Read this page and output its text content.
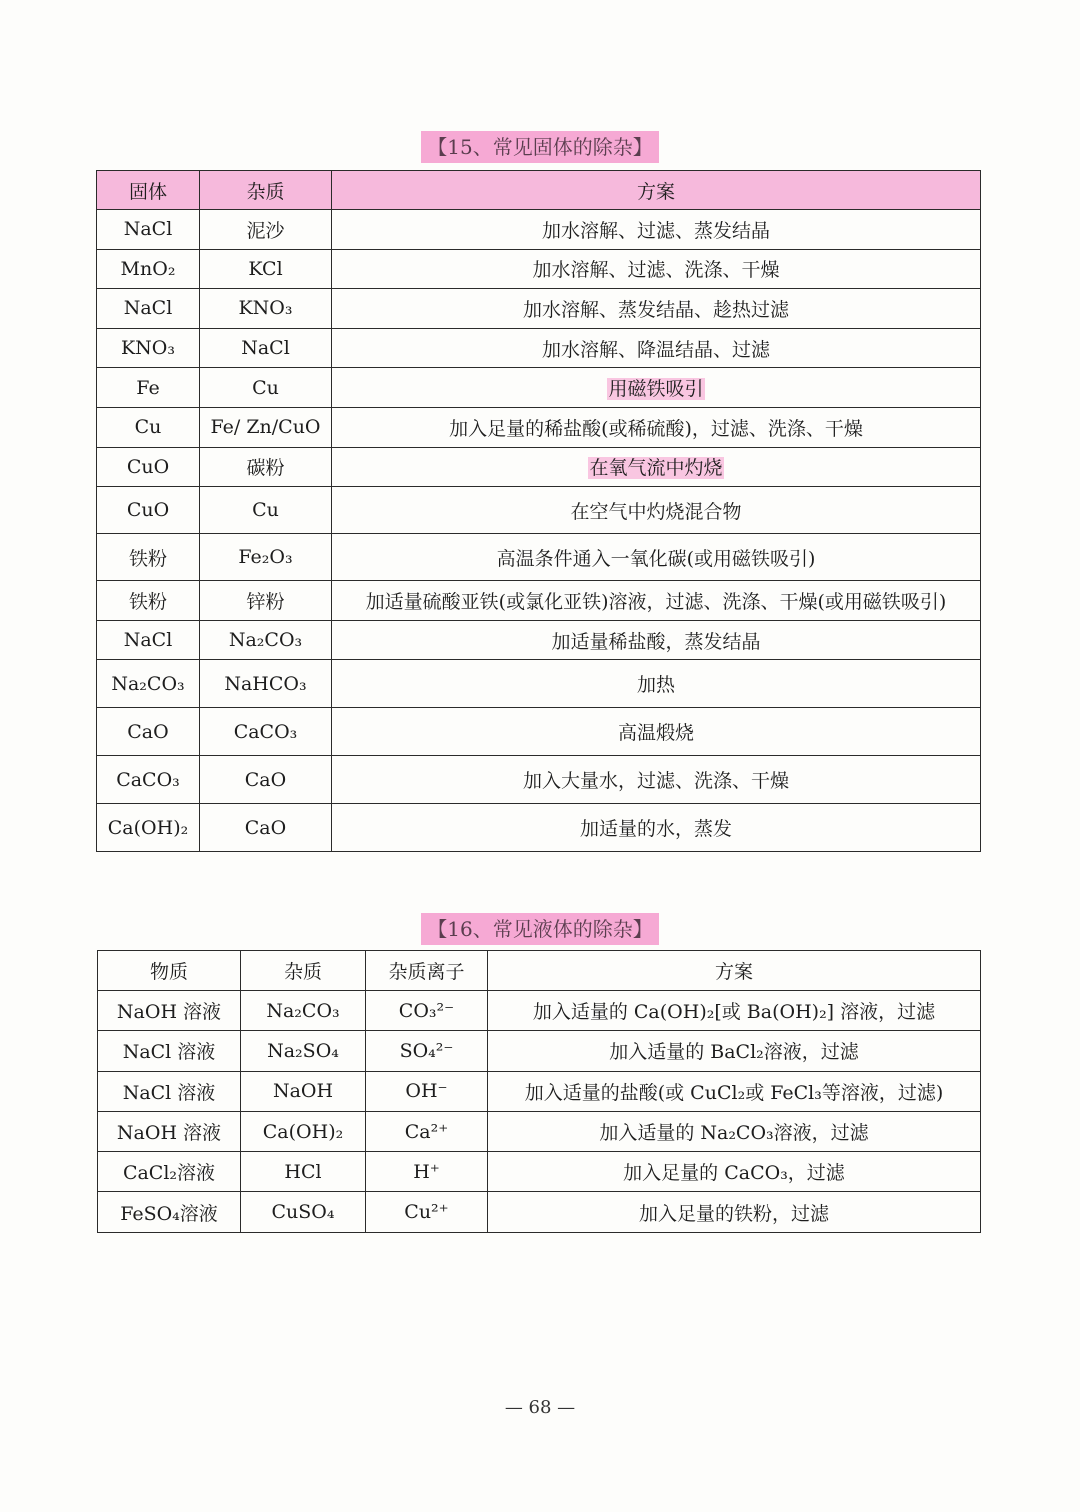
【15、常见固体的除杂】
固体	杂质	方案
NaCl	泥沙	加水溶解、过滤、蒸发结晶
MnO₂	KCl	加水溶解、过滤、洗涤、干燥
NaCl	KNO₃	加水溶解、蒸发结晶、趁热过滤
KNO₃	NaCl	加水溶解、降温结晶、过滤
Fe	Cu	用磁铁吸引
Cu	Fe/ Zn/CuO	加入足量的稀盐酸(或稀硫酸)，过滤、洗涤、干燥
CuO	碳粉	在氧气流中灼烧
CuO	Cu	在空气中灼烧混合物
铁粉	Fe₂O₃	高温条件通入一氧化碳(或用磁铁吸引)
铁粉	锌粉	加适量硫酸亚铁(或氯化亚铁)溶液，过滤、洗涤、干燥(或用磁铁吸引)
NaCl	Na₂CO₃	加适量稀盐酸，蒸发结晶
Na₂CO₃	NaHCO₃	加热
CaO	CaCO₃	高温煅烧
CaCO₃	CaO	加入大量水，过滤、洗涤、干燥
Ca(OH)₂	CaO	加适量的水，蒸发
【16、常见液体的除杂】
物质	杂质	杂质离子	方案
NaOH 溶液	Na₂CO₃	CO₃²⁻	加入适量的 Ca(OH)₂[或 Ba(OH)₂] 溶液，过滤
NaCl 溶液	Na₂SO₄	SO₄²⁻	加入适量的 BaCl₂溶液，过滤
NaCl 溶液	NaOH	OH⁻	加入适量的盐酸(或 CuCl₂或 FeCl₃等溶液，过滤)
NaOH 溶液	Ca(OH)₂	Ca²⁺	加入适量的 Na₂CO₃溶液，过滤
CaCl₂溶液	HCl	H⁺	加入足量的 CaCO₃，过滤
FeSO₄溶液	CuSO₄	Cu²⁺	加入足量的铁粉，过滤
— 68 —
